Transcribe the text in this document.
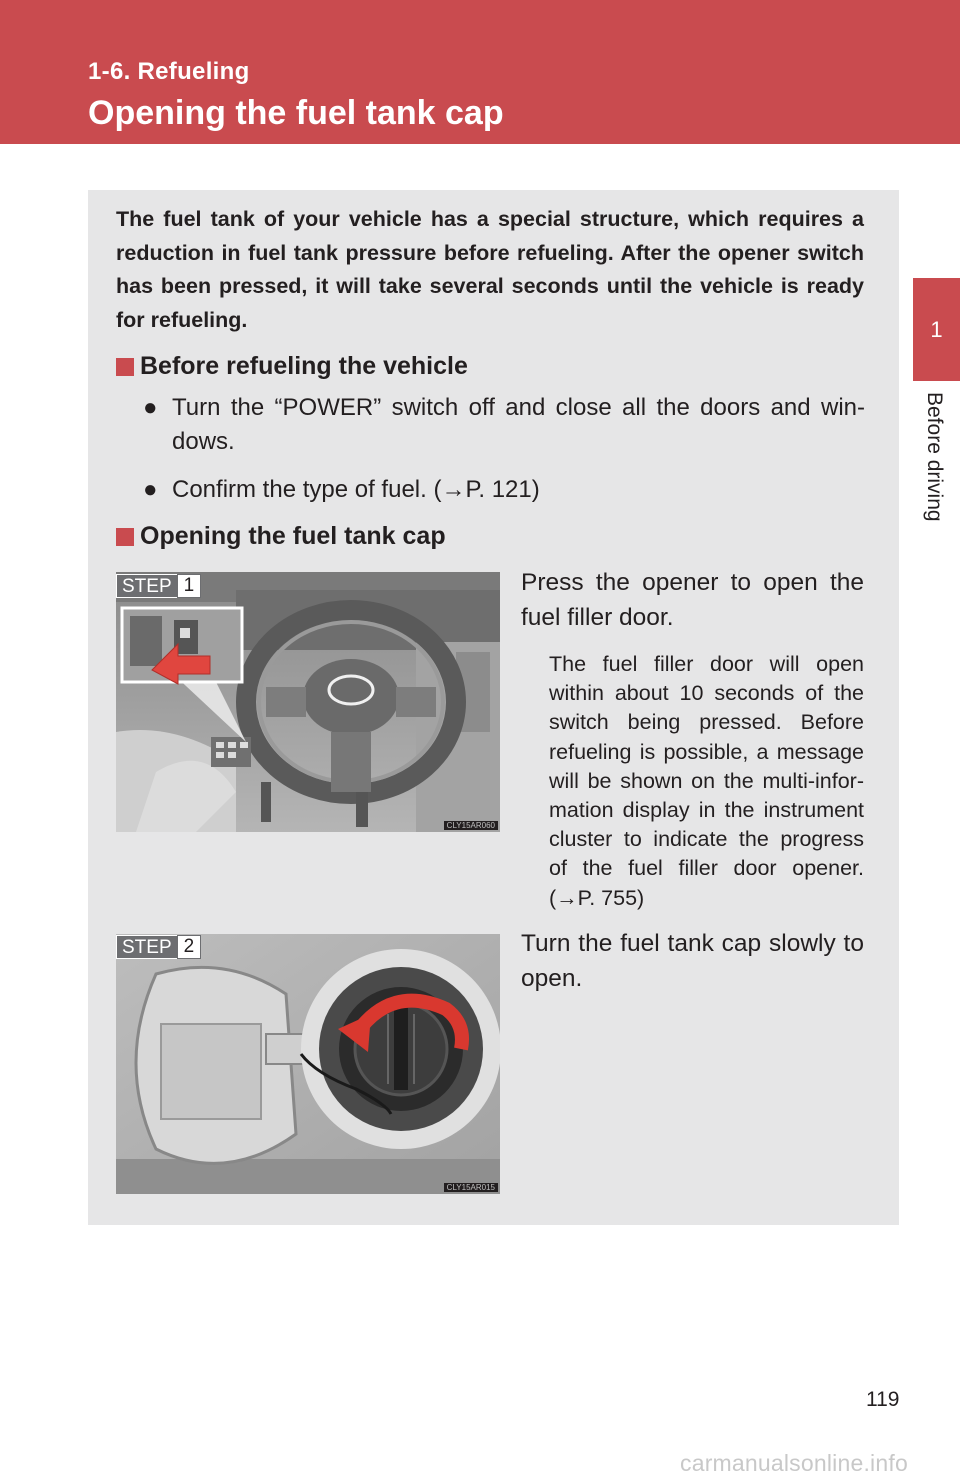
1-6. Refueling
Opening the fuel tank cap
1
Before driving

The fuel tank of your vehicle has a special structure, which requires a reduction in fuel tank pressure before refueling. After the opener switch has been pressed, it will take several seconds until the vehicle is ready for refueling.

Before refueling the vehicle
● Turn the “POWER” switch off and close all the doors and win-dows.
● Confirm the type of fuel. (→P. 121)
Opening the fuel tank cap
STEP 1
CLY15AR060
Press the opener to open the fuel filler door.
The fuel filler door will open within about 10 seconds of the switch being pressed. Before refueling is possible, a message will be shown on the multi-infor-mation display in the instrument cluster to indicate the progress of the fuel filler door opener. (→P. 755)
STEP 2
CLY15AR015
Turn the fuel tank cap slowly to open.
119
carmanualsonline.info
